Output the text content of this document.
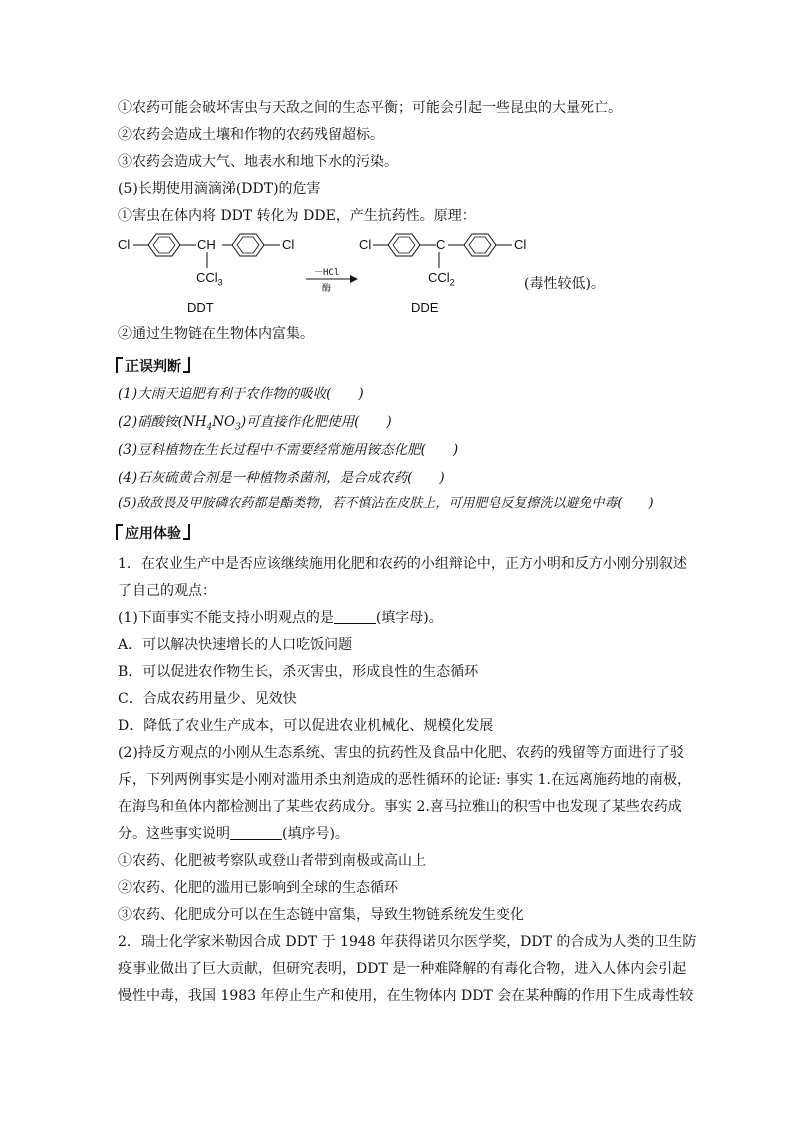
①农药可能会破坏害虫与天敌之间的生态平衡；可能会引起一些昆虫的大量死亡。
②农药会造成土壤和作物的农药残留超标。
③农药会造成大气、地表水和地下水的污染。
(5)长期使用滴滴涕(DDT)的危害
①害虫在体内将 DDT 转化为 DDE，产生抗药性。原理：
Cl	CH	Cl
CCl$_3$
DDT
－HCl
酶
Cl	C	Cl
CCl$_2$
DDE
(毒性较低)。
②通过生物链在生物体内富集。
正误判断
(1)大雨天追肥有利于农作物的吸收(　　)
(2)硝酸铵$(NH_4NO_3)$可直接作化肥使用(　　)
(3)豆科植物在生长过程中不需要经常施用铵态化肥(　　)
(4)石灰硫黄合剂是一种植物杀菌剂，是合成农药(　　)
(5)敌敌畏及甲胺磷农药都是酯类物，若不慎沾在皮肤上，可用肥皂反复擦洗以避免中毒(　　)
应用体验
1．在农业生产中是否应该继续施用化肥和农药的小组辩论中，正方小明和反方小刚分别叙述
了自己的观点：
(1)下面事实不能支持小明观点的是	(填字母)。
A．可以解决快速增长的人口吃饭问题
B．可以促进农作物生长，杀灭害虫，形成良性的生态循环
C．合成农药用量少、见效快
D．降低了农业生产成本，可以促进农业机械化、规模化发展
(2)持反方观点的小刚从生态系统、害虫的抗药性及食品中化肥、农药的残留等方面进行了驳
斥，下列两例事实是小刚对滥用杀虫剂造成的恶性循环的论证: 事实 1.在远离施药地的南极，
在海鸟和鱼体内都检测出了某些农药成分。事实 2.喜马拉雅山的积雪中也发现了某些农药成
分。这些事实说明	(填序号)。
①农药、化肥被考察队或登山者带到南极或高山上
②农药、化肥的滥用已影响到全球的生态循环
③农药、化肥成分可以在生态链中富集，导致生物链系统发生变化
2．瑞士化学家米勒因合成 DDT 于 1948 年获得诺贝尔医学奖，DDT 的合成为人类的卫生防
疫事业做出了巨大贡献，但研究表明，DDT 是一种难降解的有毒化合物，进入人体内会引起
慢性中毒，我国 1983 年停止生产和使用，在生物体内 DDT 会在某种酶的作用下生成毒性较
